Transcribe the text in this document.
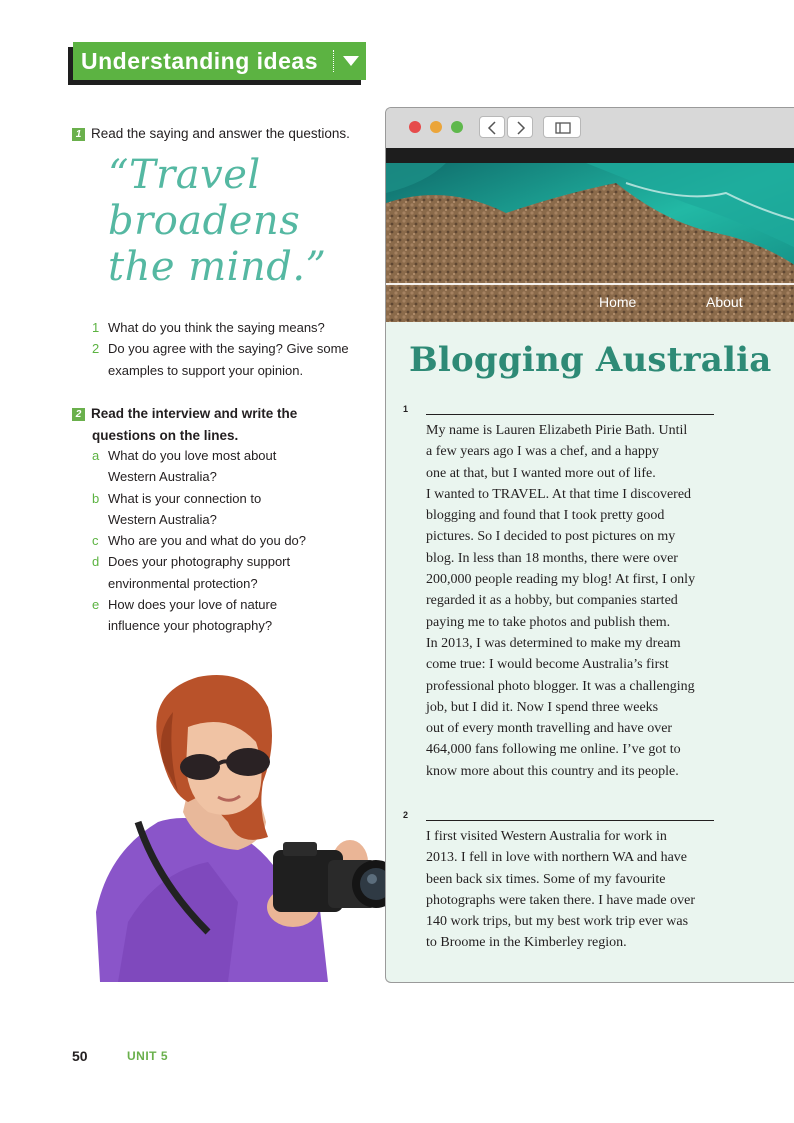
Understanding ideas
1 Read the saying and answer the questions.
“Travel
broadens
the mind.”
1 What do you think the saying means?
2 Do you agree with the saying? Give some
examples to support your opinion.
2 Read the interview and write the
questions on the lines.
a What do you love most about
Western Australia?
b What is your connection to
Western Australia?
c Who are you and what do you do?
d Does your photography support
environmental protection?
e How does your love of nature
influence your photography?
Home	About
Blogging Australia
1
My name is Lauren Elizabeth Pirie Bath. Until
a few years ago I was a chef, and a happy
one at that, but I wanted more out of life.
I wanted to TRAVEL. At that time I discovered
blogging and found that I took pretty good
pictures. So I decided to post pictures on my
blog. In less than 18 months, there were over
200,000 people reading my blog! At first, I only
regarded it as a hobby, but companies started
paying me to take photos and publish them.
In 2013, I was determined to make my dream
come true: I would become Australia’s first
professional photo blogger. It was a challenging
job, but I did it. Now I spend three weeks
out of every month travelling and have over
464,000 fans following me online. I’ve got to
know more about this country and its people.
2
I first visited Western Australia for work in
2013. I fell in love with northern WA and have
been back six times. Some of my favourite
photographs were taken there. I have made over
140 work trips, but my best work trip ever was
to Broome in the Kimberley region.
50	UNIT 5
